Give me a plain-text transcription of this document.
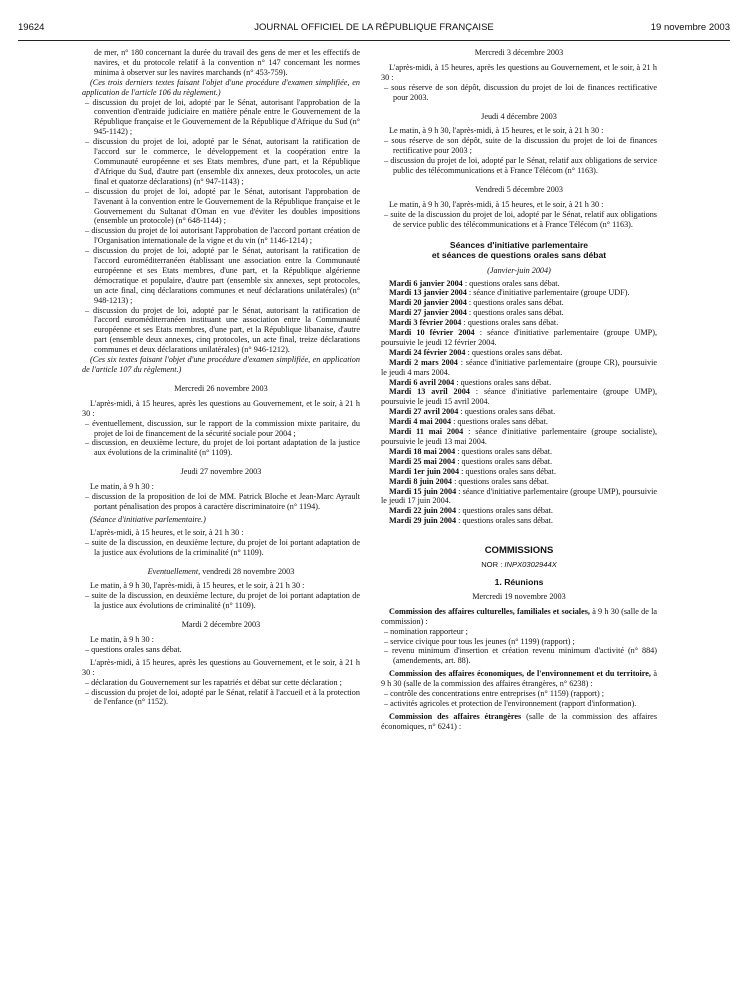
19624	JOURNAL OFFICIEL DE LA RÉPUBLIQUE FRANÇAISE	19 novembre 2003

de mer, n° 180 concernant la durée du travail des gens de mer et les effectifs de navires, et du protocole relatif à la convention n° 147 concernant les normes minima à observer sur les navires marchands (n° 453-759).

(Ces trois derniers textes faisant l'objet d'une procédure d'examen simplifiée, en application de l'article 106 du règlement.)

– discussion du projet de loi, adopté par le Sénat, autorisant l'approbation de la convention d'entraide judiciaire en matière pénale entre le Gouvernement de la République française et le Gouvernement de la République d'Afrique du Sud (n° 945-1142) ;

– discussion du projet de loi, adopté par le Sénat, autorisant la ratification de l'accord sur le commerce, le développement et la coopération entre la Communauté européenne et ses Etats membres, d'une part, et la République d'Afrique du Sud, d'autre part (ensemble dix annexes, deux protocoles, un acte final et quatorze déclarations) (n° 947-1143) ;

– discussion du projet de loi, adopté par le Sénat, autorisant l'approbation de l'avenant à la convention entre le Gouvernement de la République française et le Gouvernement du Sultanat d'Oman en vue d'éviter les doubles impositions (ensemble un protocole) (n° 648-1144) ;

– discussion du projet de loi autorisant l'approbation de l'accord portant création de l'Organisation internationale de la vigne et du vin (n° 1146-1214) ;

– discussion du projet de loi, adopté par le Sénat, autorisant la ratification de l'accord euroméditerranéen établissant une association entre la Communauté européenne et ses Etats membres, d'une part, et la République algérienne démocratique et populaire, d'autre part (ensemble six annexes, sept protocoles, un acte final, cinq déclarations communes et neuf déclarations unilatérales) (n° 948-1213) ;

– discussion du projet de loi, adopté par le Sénat, autorisant la ratification de l'accord euroméditerranéen instituant une association entre la Communauté européenne et ses Etats membres, d'une part, et la République libanaise, d'autre part (ensemble deux annexes, cinq protocoles, un acte final, treize déclarations communes et deux déclarations unilatérales) (n° 946-1212).

(Ces six textes faisant l'objet d'une procédure d'examen simplifiée, en application de l'article 107 du règlement.)

Mercredi 26 novembre 2003

L'après-midi, à 15 heures, après les questions au Gouvernement, et le soir, à 21 h 30 :

– éventuellement, discussion, sur le rapport de la commission mixte paritaire, du projet de loi de financement de la sécurité sociale pour 2004 ;

– discussion, en deuxième lecture, du projet de loi portant adaptation de la justice aux évolutions de la criminalité (n° 1109).

Jeudi 27 novembre 2003

Le matin, à 9 h 30 :

– discussion de la proposition de loi de MM. Patrick Bloche et Jean-Marc Ayrault portant pénalisation des propos à caractère discriminatoire (n° 1194).

(Séance d'initiative parlementaire.)

L'après-midi, à 15 heures, et le soir, à 21 h 30 :

– suite de la discussion, en deuxième lecture, du projet de loi portant adaptation de la justice aux évolutions de la criminalité (n° 1109).

Eventuellement, vendredi 28 novembre 2003

Le matin, à 9 h 30, l'après-midi, à 15 heures, et le soir, à 21 h 30 :

– suite de la discussion, en deuxième lecture, du projet de loi portant adaptation de la justice aux évolutions de criminalité (n° 1109).

Mardi 2 décembre 2003

Le matin, à 9 h 30 :

– questions orales sans débat.

L'après-midi, à 15 heures, après les questions au Gouvernement, et le soir, à 21 h 30 :

– déclaration du Gouvernement sur les rapatriés et débat sur cette déclaration ;

– discussion du projet de loi, adopté par le Sénat, relatif à l'accueil et à la protection de l'enfance (n° 1152).

Mercredi 3 décembre 2003

L'après-midi, à 15 heures, après les questions au Gouvernement, et le soir, à 21 h 30 :

– sous réserve de son dépôt, discussion du projet de loi de finances rectificative pour 2003.

Jeudi 4 décembre 2003

Le matin, à 9 h 30, l'après-midi, à 15 heures, et le soir, à 21 h 30 :

– sous réserve de son dépôt, suite de la discussion du projet de loi de finances rectificative pour 2003 ;

– discussion du projet de loi, adopté par le Sénat, relatif aux obligations de service public des télécommunications et à France Télécom (n° 1163).

Vendredi 5 décembre 2003

Le matin, à 9 h 30, l'après-midi, à 15 heures, et le soir, à 21 h 30 :

– suite de la discussion du projet de loi, adopté par le Sénat, relatif aux obligations de service public des télécommunications et à France Télécom (n° 1163).

Séances d'initiative parlementaire

et séances de questions orales sans débat

(Janvier-juin 2004)

Mardi 6 janvier 2004 : questions orales sans débat.

Mardi 13 janvier 2004 : séance d'initiative parlementaire (groupe UDF).

Mardi 20 janvier 2004 : questions orales sans débat.

Mardi 27 janvier 2004 : questions orales sans débat.

Mardi 3 février 2004 : questions orales sans débat.

Mardi 10 février 2004 : séance d'initiative parlementaire (groupe UMP), poursuivie le jeudi 12 février 2004.

Mardi 24 février 2004 : questions orales sans débat.

Mardi 2 mars 2004 : séance d'initiative parlementaire (groupe CR), poursuivie le jeudi 4 mars 2004.

Mardi 6 avril 2004 : questions orales sans débat.

Mardi 13 avril 2004 : séance d'initiative parlementaire (groupe UMP), poursuivie le jeudi 15 avril 2004.

Mardi 27 avril 2004 : questions orales sans débat.

Mardi 4 mai 2004 : questions orales sans débat.

Mardi 11 mai 2004 : séance d'initiative parlementaire (groupe socialiste), poursuivie le jeudi 13 mai 2004.

Mardi 18 mai 2004 : questions orales sans débat.

Mardi 25 mai 2004 : questions orales sans débat.

Mardi 1er juin 2004 : questions orales sans débat.

Mardi 8 juin 2004 : questions orales sans débat.

Mardi 15 juin 2004 : séance d'initiative parlementaire (groupe UMP), poursuivie le jeudi 17 juin 2004.

Mardi 22 juin 2004 : questions orales sans débat.

Mardi 29 juin 2004 : questions orales sans débat.

COMMISSIONS

NOR : INPX0302944X

1. Réunions

Mercredi 19 novembre 2003

Commission des affaires culturelles, familiales et sociales, à 9 h 30 (salle de la commission) :

– nomination rapporteur ;

– service civique pour tous les jeunes (n° 1199) (rapport) ;

– revenu minimum d'insertion et création revenu minimum d'activité (n° 884) (amendements, art. 88).

Commission des affaires économiques, de l'environnement et du territoire, à 9 h 30 (salle de la commission des affaires étrangères, n° 6238) :

– contrôle des concentrations entre entreprises (n° 1159) (rapport) ;

– activités agricoles et protection de l'environnement (rapport d'information).

Commission des affaires étrangères (salle de la commission des affaires économiques, n° 6241) :
